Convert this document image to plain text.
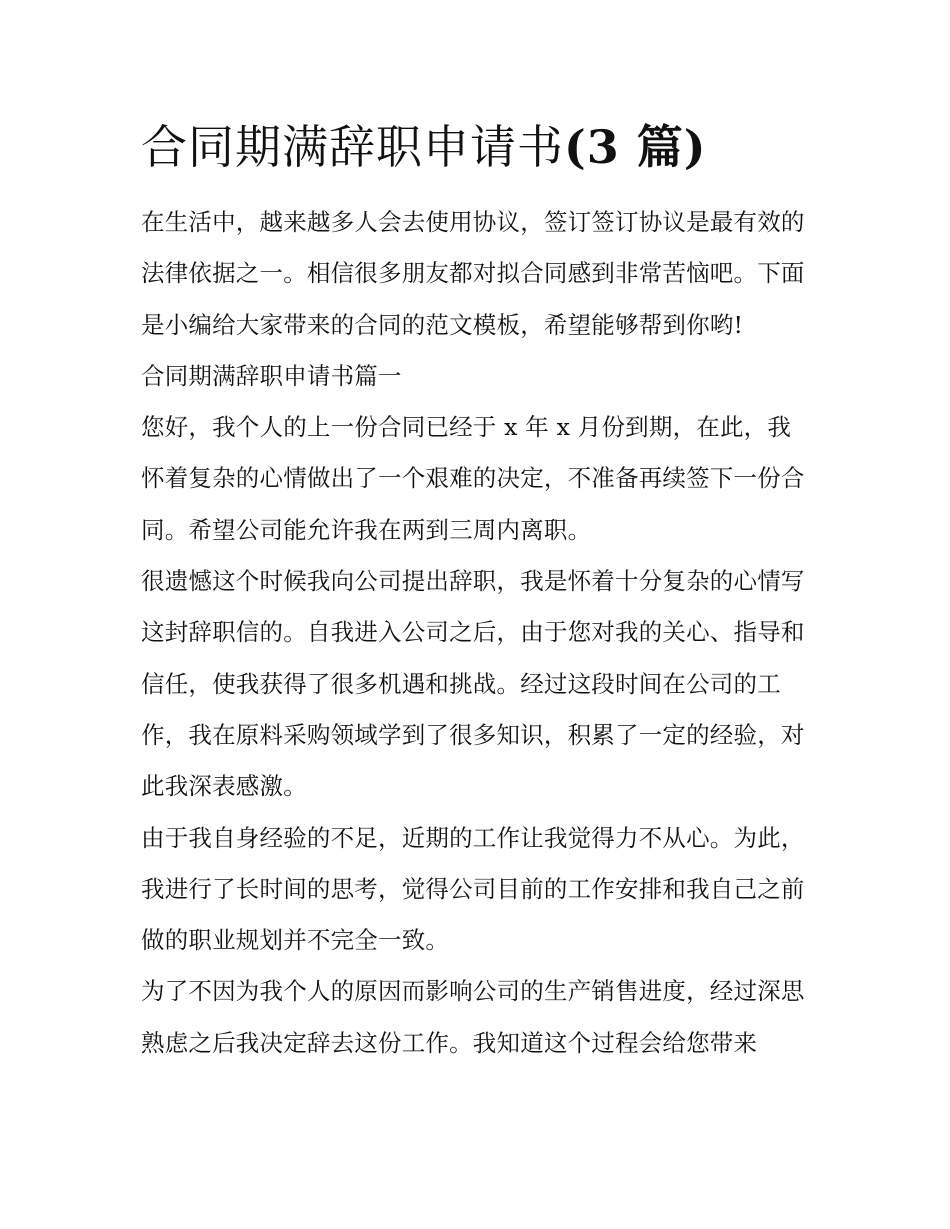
合同期满辞职申请书(3 篇)

在生活中，越来越多人会去使用协议，签订签订协议是最有效的法律依据之一。相信很多朋友都对拟合同感到非常苦恼吧。下面是小编给大家带来的合同的范文模板，希望能够帮到你哟!

合同期满辞职申请书篇一

您好，我个人的上一份合同已经于 x 年 x 月份到期，在此，我怀着复杂的心情做出了一个艰难的决定，不准备再续签下一份合同。希望公司能允许我在两到三周内离职。

很遗憾这个时候我向公司提出辞职，我是怀着十分复杂的心情写这封辞职信的。自我进入公司之后，由于您对我的关心、指导和信任，使我获得了很多机遇和挑战。经过这段时间在公司的工作，我在原料采购领域学到了很多知识，积累了一定的经验，对此我深表感激。

由于我自身经验的不足，近期的工作让我觉得力不从心。为此，我进行了长时间的思考，觉得公司目前的工作安排和我自己之前做的职业规划并不完全一致。

为了不因为我个人的原因而影响公司的生产销售进度，经过深思熟虑之后我决定辞去这份工作。我知道这个过程会给您带来
